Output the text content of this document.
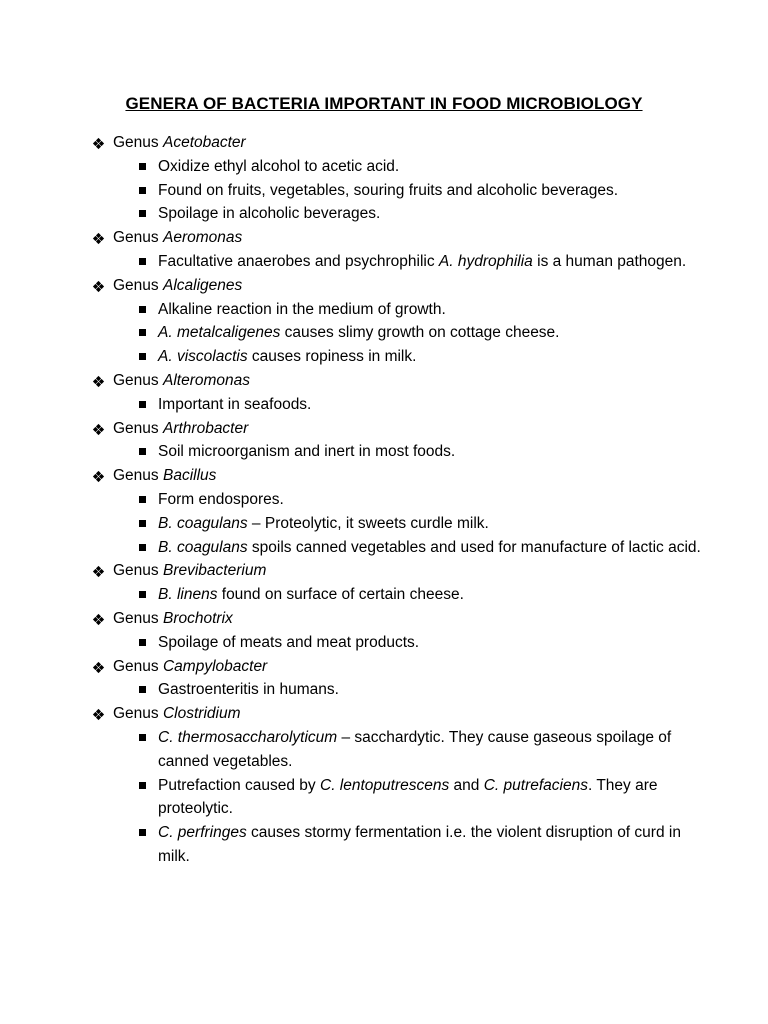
GENERA OF BACTERIA IMPORTANT IN FOOD MICROBIOLOGY
Genus Acetobacter
Oxidize ethyl alcohol to acetic acid.
Found on fruits, vegetables, souring fruits and alcoholic beverages.
Spoilage in alcoholic beverages.
Genus Aeromonas
Facultative anaerobes and psychrophilic A. hydrophilia is a human pathogen.
Genus Alcaligenes
Alkaline reaction in the medium of growth.
A. metalcaligenes causes slimy growth on cottage cheese.
A. viscolactis causes ropiness in milk.
Genus Alteromonas
Important in seafoods.
Genus Arthrobacter
Soil microorganism and inert in most foods.
Genus Bacillus
Form endospores.
B. coagulans – Proteolytic, it sweets curdle milk.
B. coagulans spoils canned vegetables and used for manufacture of lactic acid.
Genus Brevibacterium
B. linens found on surface of certain cheese.
Genus Brochotrix
Spoilage of meats and meat products.
Genus Campylobacter
Gastroenteritis in humans.
Genus Clostridium
C. thermosaccharolyticum – sacchardytic. They cause gaseous spoilage of canned vegetables.
Putrefaction caused by C. lentoputrescens and C. putrefaciens. They are proteolytic.
C. perfringes causes stormy fermentation i.e. the violent disruption of curd in milk.
